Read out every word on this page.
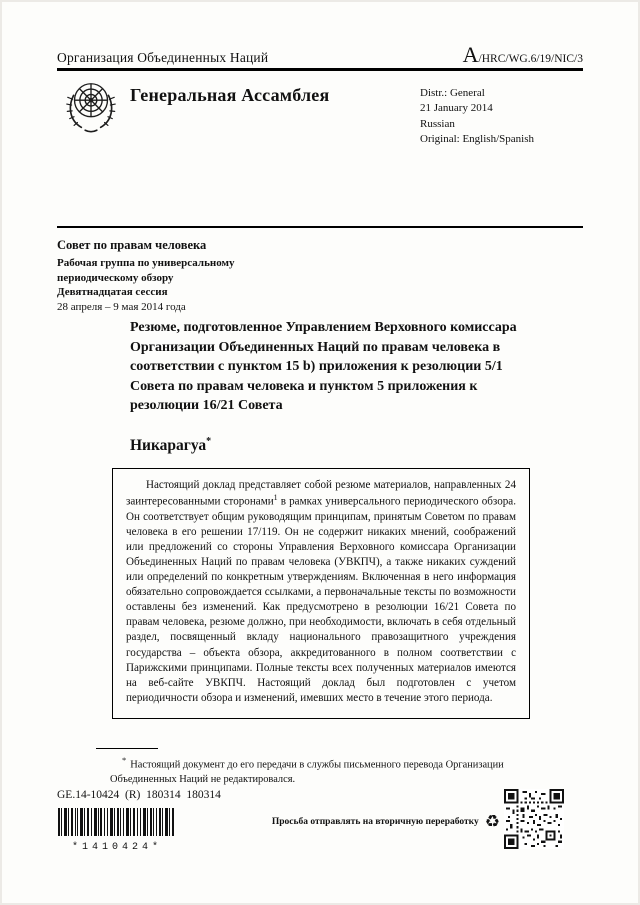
Организация Объединенных Наций	A/HRC/WG.6/19/NIC/3
Генеральная Ассамблея	Distr.: General
21 January 2014
Russian
Original: English/Spanish
Совет по правам человека
Рабочая группа по универсальному
периодическому обзору
Девятнадцатая сессия
28 апреля – 9 мая 2014 года
Резюме, подготовленное Управлением Верховного комиссара Организации Объединенных Наций по правам человека в соответствии с пунктом 15 b) приложения к резолюции 5/1 Совета по правам человека и пунктом 5 приложения к резолюции 16/21 Совета
Никарагуа*

Настоящий доклад представляет собой резюме материалов, направленных 24 заинтересованными сторонами$^1$ в рамках универсального периодического обзора. Он соответствует общим руководящим принципам, принятым Советом по правам человека в его решении 17/119. Он не содержит никаких мнений, соображений или предложений со стороны Управления Верховного комиссара Организации Объединенных Наций по правам человека (УВКПЧ), а также никаких суждений или определений по конкретным утверждениям. Включенная в него информация обязательно сопровождается ссылками, а первоначальные тексты по возможности оставлены без изменений. Как предусмотрено в резолюции 16/21 Совета по правам человека, резюме должно, при необходимости, включать в себя отдельный раздел, посвященный вкладу национального правозащитного учреждения государства – объекта обзора, аккредитованного в полном соответствии с Парижскими принципами. Полные тексты всех полученных материалов имеются на веб-сайте УВКПЧ. Настоящий доклад был подготовлен с учетом периодичности обзора и изменений, имевших место в течение этого периода.

* Настоящий документ до его передачи в службы письменного перевода Организации Объединенных Наций не редактировался.

GE.14-10424  (R)  180314  180314
*1410424*
Просьба отправлять на вторичную переработку ♻
